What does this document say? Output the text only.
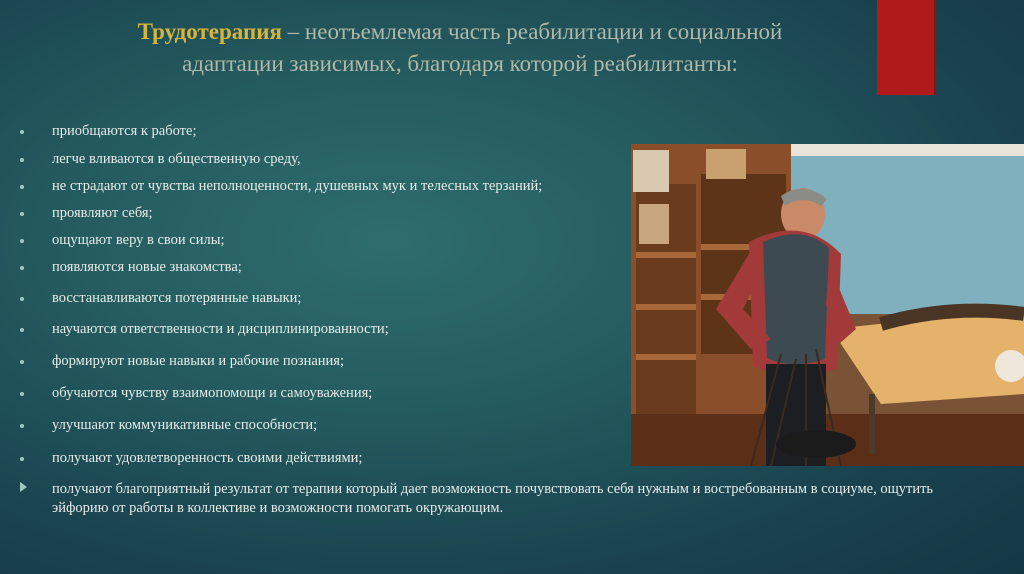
Трудотерапия – неотъемлемая часть реабилитации и социальной
адаптации зависимых, благодаря которой реабилитанты:
приобщаются к работе;
легче вливаются в общественную среду,
не страдают от чувства неполноценности, душевных мук и телесных терзаний;
проявляют себя;
ощущают веру в свои силы;
появляются новые знакомства;
восстанавливаются потерянные навыки;
научаются ответственности и дисциплинированности;
формируют новые навыки и рабочие познания;
обучаются чувству взаимопомощи и самоуважения;
улучшают коммуникативные способности;
получают удовлетворенность своими действиями;
получают благоприятный результат от терапии который дает возможность почувствовать себя нужным и востребованным в социуме, ощутить эйфорию от работы в коллективе и возможности помогать окружающим.
